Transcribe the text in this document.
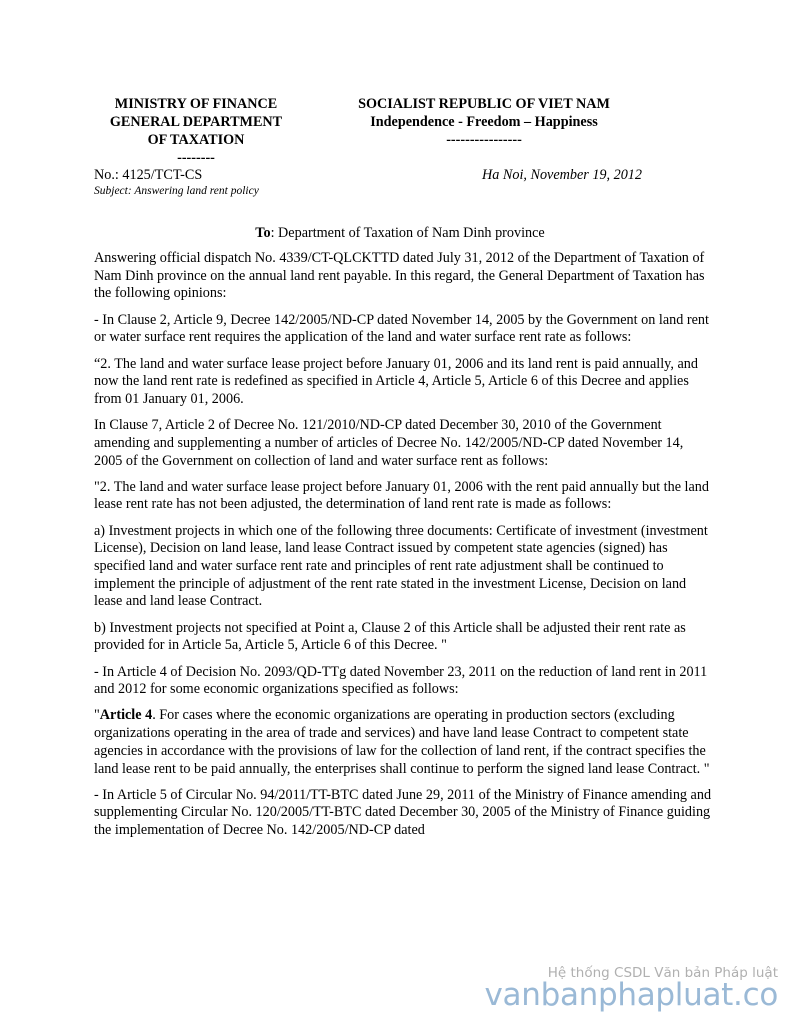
MINISTRY OF FINANCE
GENERAL DEPARTMENT
OF TAXATION
--------
SOCIALIST REPUBLIC OF VIET NAM
Independence - Freedom – Happiness
----------------
No.: 4125/TCT-CS
Subject: Answering land rent policy
Ha Noi, November 19, 2012
To: Department of Taxation of Nam Dinh province

Answering official dispatch No. 4339/CT-QLCKTTD dated July 31, 2012 of the Department of Taxation of Nam Dinh province on the annual land rent payable. In this regard, the General Department of Taxation has the following opinions:

- In Clause 2, Article 9, Decree 142/2005/ND-CP dated November 14, 2005 by the Government on land rent or water surface rent requires the application of the land and water surface rent rate as follows:

“2. The land and water surface lease project before January 01, 2006 and its land rent is paid annually, and now the land rent rate is redefined as specified in Article 4, Article 5, Article 6 of this Decree and applies from 01 January 01, 2006.

In Clause 7, Article 2 of Decree No. 121/2010/ND-CP dated December 30, 2010 of the Government amending and supplementing a number of articles of Decree No. 142/2005/ND-CP dated November 14, 2005 of the Government on collection of land and water surface rent as follows:

"2. The land and water surface lease project before January 01, 2006 with the rent paid annually but the land lease rent rate has not been adjusted, the determination of land rent rate is made as follows:

a) Investment projects in which one of the following three documents: Certificate of investment (investment License), Decision on land lease, land lease Contract issued by competent state agencies (signed) has specified land and water surface rent rate and principles of rent rate adjustment shall be continued to implement the principle of adjustment of the rent rate stated in the investment License, Decision on land lease and land lease Contract.

b) Investment projects not specified at Point a, Clause 2 of this Article shall be adjusted their rent rate as provided for in Article 5a, Article 5, Article 6 of this Decree. "

- In Article 4 of Decision No. 2093/QD-TTg dated November 23, 2011 on the reduction of land rent in 2011 and 2012 for some economic organizations specified as follows:

"Article 4. For cases where the economic organizations are operating in production sectors (excluding organizations operating in the area of trade and services) and have land lease Contract to competent state agencies in accordance with the provisions of law for the collection of land rent, if the contract specifies the land lease rent to be paid annually, the enterprises shall continue to perform the signed land lease Contract. "

- In Article 5 of Circular No. 94/2011/TT-BTC dated June 29, 2011 of the Ministry of Finance amending and supplementing Circular No. 120/2005/TT-BTC dated December 30, 2005 of the Ministry of Finance guiding the implementation of Decree No. 142/2005/ND-CP dated

Hệ thống CSDL Văn bản Pháp luật
vanbanphapluat.co
